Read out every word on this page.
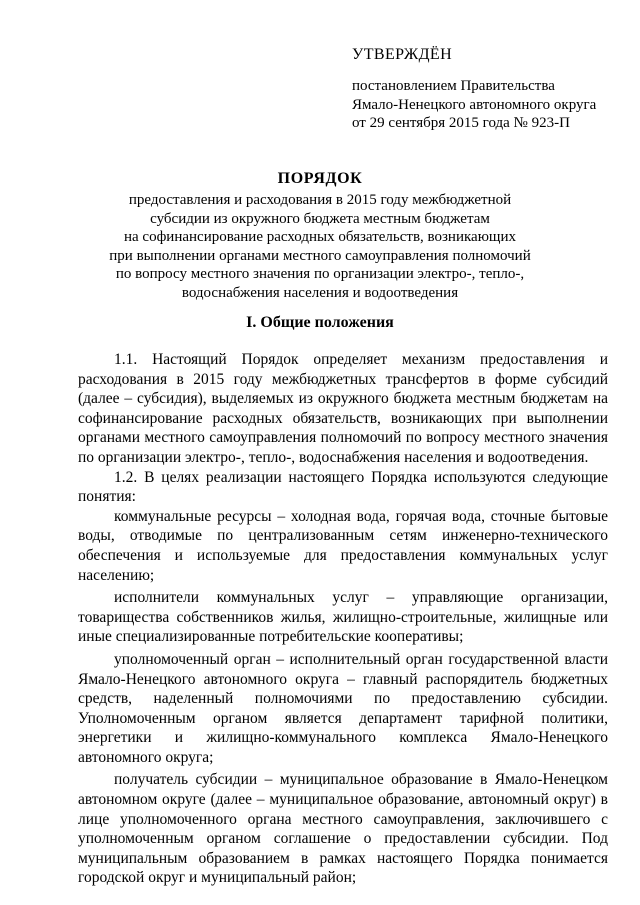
УТВЕРЖДЁН
постановлением Правительства
Ямало-Ненецкого автономного округа
от 29 сентября 2015 года № 923-П
ПОРЯДОК
предоставления и расходования в 2015 году межбюджетной
субсидии из окружного бюджета местным бюджетам
на софинансирование расходных обязательств, возникающих
при выполнении органами местного самоуправления полномочий
по вопросу местного значения по организации электро-, тепло-,
водоснабжения населения и водоотведения
I. Общие положения

1.1. Настоящий Порядок определяет механизм предоставления и расходования в 2015 году межбюджетных трансфертов в форме субсидий (далее – субсидия), выделяемых из окружного бюджета местным бюджетам на софинансирование расходных обязательств, возникающих при выполнении органами местного самоуправления полномочий по вопросу местного значения по организации электро-, тепло-, водоснабжения населения и водоотведения.

1.2. В целях реализации настоящего Порядка используются следующие понятия:

коммунальные ресурсы – холодная вода, горячая вода, сточные бытовые воды, отводимые по централизованным сетям инженерно-технического обеспечения и используемые для предоставления коммунальных услуг населению;

исполнители коммунальных услуг – управляющие организации, товарищества собственников жилья, жилищно-строительные, жилищные или иные специализированные потребительские кооперативы;

уполномоченный орган – исполнительный орган государственной власти Ямало-Ненецкого автономного округа – главный распорядитель бюджетных средств, наделенный полномочиями по предоставлению субсидии. Уполномоченным органом является департамент тарифной политики, энергетики и жилищно-коммунального комплекса Ямало-Ненецкого автономного округа;

получатель субсидии – муниципальное образование в Ямало-Ненецком автономном округе (далее – муниципальное образование, автономный округ) в лице уполномоченного органа местного самоуправления, заключившего с уполномоченным органом соглашение о предоставлении субсидии. Под муниципальным образованием в рамках настоящего Порядка понимается городской округ и муниципальный район;
